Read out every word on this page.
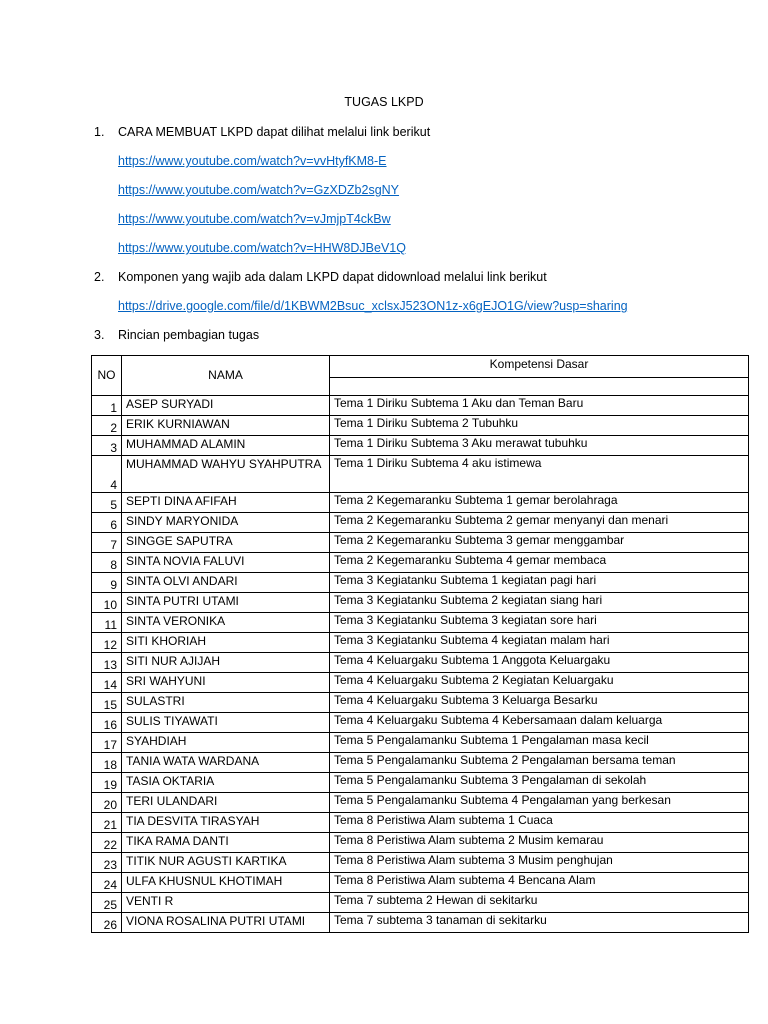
TUGAS LKPD
1. CARA MEMBUAT LKPD dapat dilihat melalui link berikut
https://www.youtube.com/watch?v=vvHtyfKM8-E
https://www.youtube.com/watch?v=GzXDZb2sgNY
https://www.youtube.com/watch?v=vJmjpT4ckBw
https://www.youtube.com/watch?v=HHW8DJBeV1Q
2. Komponen yang wajib ada dalam LKPD dapat didownload melalui link berikut
https://drive.google.com/file/d/1KBWM2Bsuc_xclsxJ523ON1z-x6gEJO1G/view?usp=sharing
3. Rincian pembagian tugas
NO	NAMA	Kompetensi Dasar

1	ASEP SURYADI	Tema 1 Diriku Subtema 1 Aku dan Teman Baru
2	ERIK KURNIAWAN	Tema 1 Diriku Subtema 2 Tubuhku
3	MUHAMMAD ALAMIN	Tema 1 Diriku Subtema 3 Aku merawat tubuhku
4	MUHAMMAD WAHYU SYAHPUTRA	Tema 1 Diriku Subtema 4 aku istimewa
5	SEPTI DINA AFIFAH	Tema 2 Kegemaranku Subtema 1 gemar berolahraga
6	SINDY MARYONIDA	Tema 2 Kegemaranku Subtema 2 gemar menyanyi dan menari
7	SINGGE SAPUTRA	Tema 2 Kegemaranku Subtema 3 gemar menggambar
8	SINTA NOVIA FALUVI	Tema 2 Kegemaranku Subtema 4 gemar membaca
9	SINTA OLVI ANDARI	Tema 3 Kegiatanku Subtema 1 kegiatan pagi hari
10	SINTA PUTRI UTAMI	Tema 3 Kegiatanku Subtema 2 kegiatan siang hari
11	SINTA VERONIKA	Tema 3 Kegiatanku Subtema 3 kegiatan sore hari
12	SITI KHORIAH	Tema 3 Kegiatanku Subtema 4 kegiatan malam hari
13	SITI NUR AJIJAH	Tema 4 Keluargaku Subtema 1 Anggota Keluargaku
14	SRI WAHYUNI	Tema 4 Keluargaku Subtema 2 Kegiatan Keluargaku
15	SULASTRI	Tema 4 Keluargaku Subtema 3 Keluarga Besarku
16	SULIS TIYAWATI	Tema 4 Keluargaku Subtema 4 Kebersamaan dalam keluarga
17	SYAHDIAH	Tema 5 Pengalamanku Subtema 1 Pengalaman masa kecil
18	TANIA WATA WARDANA	Tema 5 Pengalamanku Subtema 2 Pengalaman bersama teman
19	TASIA OKTARIA	Tema 5 Pengalamanku Subtema 3 Pengalaman di sekolah
20	TERI ULANDARI	Tema 5 Pengalamanku Subtema 4 Pengalaman yang berkesan
21	TIA DESVITA TIRASYAH	Tema 8 Peristiwa Alam subtema 1 Cuaca
22	TIKA RAMA DANTI	Tema 8 Peristiwa Alam subtema 2 Musim kemarau
23	TITIK NUR AGUSTI KARTIKA	Tema 8 Peristiwa Alam subtema 3 Musim penghujan
24	ULFA KHUSNUL KHOTIMAH	Tema 8 Peristiwa Alam subtema 4 Bencana Alam
25	VENTI R	Tema 7 subtema 2 Hewan di sekitarku
26	VIONA ROSALINA PUTRI UTAMI	Tema 7 subtema 3 tanaman di sekitarku
